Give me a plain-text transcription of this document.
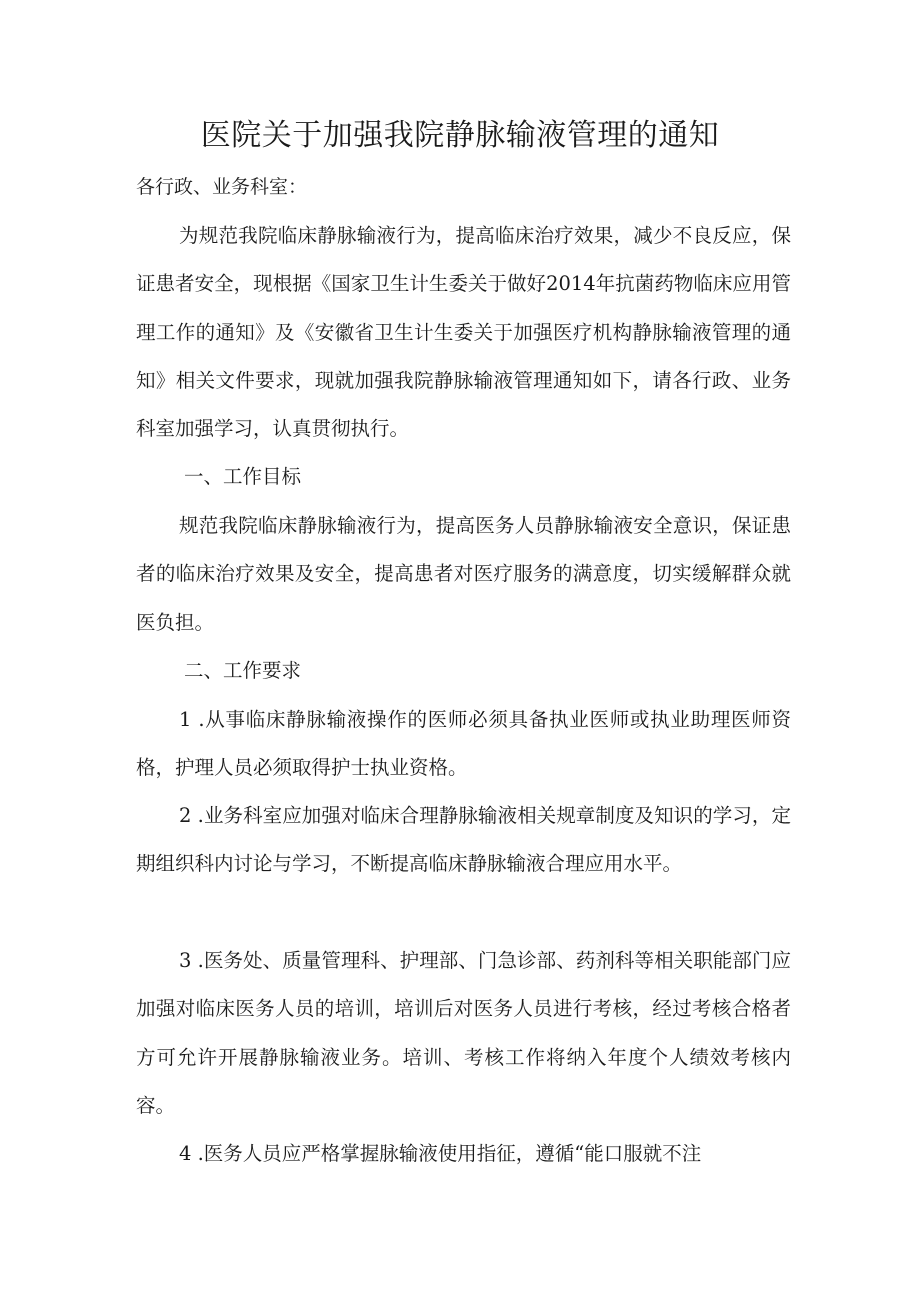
医院关于加强我院静脉输液管理的通知
各行政、业务科室：
为规范我院临床静脉输液行为，提高临床治疗效果，减少不良反应，保证患者安全，现根据《国家卫生计生委关于做好2014年抗菌药物临床应用管理工作的通知》及《安徽省卫生计生委关于加强医疗机构静脉输液管理的通知》相关文件要求，现就加强我院静脉输液管理通知如下，请各行政、业务科室加强学习，认真贯彻执行。
一、工作目标
规范我院临床静脉输液行为，提高医务人员静脉输液安全意识，保证患者的临床治疗效果及安全，提高患者对医疗服务的满意度，切实缓解群众就医负担。
二、工作要求
1 .从事临床静脉输液操作的医师必须具备执业医师或执业助理医师资格，护理人员必须取得护士执业资格。
2 .业务科室应加强对临床合理静脉输液相关规章制度及知识的学习，定期组织科内讨论与学习，不断提高临床静脉输液合理应用水平。
3 .医务处、质量管理科、护理部、门急诊部、药剂科等相关职能部门应加强对临床医务人员的培训，培训后对医务人员进行考核，经过考核合格者方可允许开展静脉输液业务。培训、考核工作将纳入年度个人绩效考核内容。
4 .医务人员应严格掌握脉输液使用指征，遵循“能口服就不注
